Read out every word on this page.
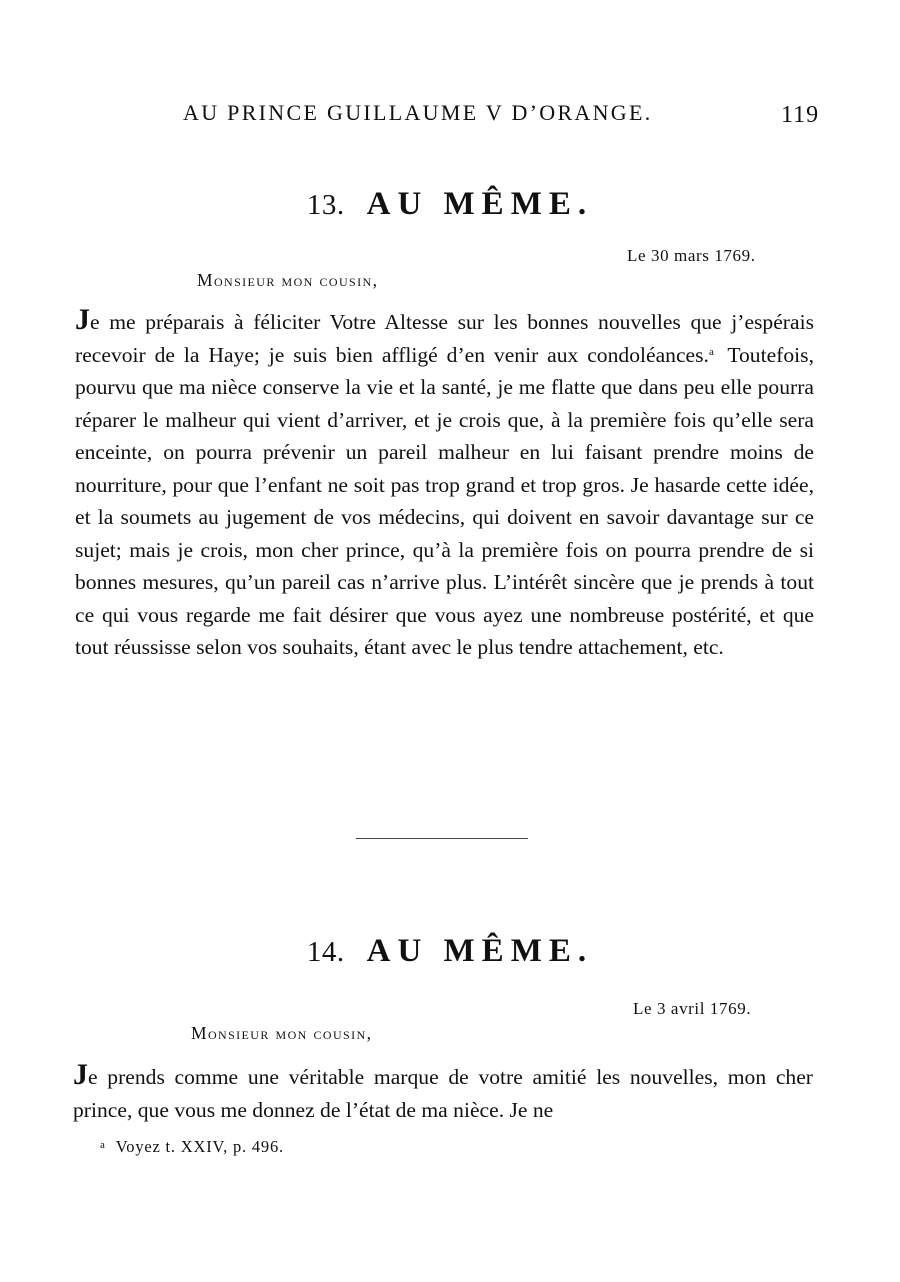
AU PRINCE GUILLAUME V D’ORANGE.	119
13. AU MÊME.
Le 30 mars 1769.
Monsieur mon cousin,

Je me préparais à féliciter Votre Altesse sur les bonnes nouvelles que j’espérais recevoir de la Haye; je suis bien affligé d’en venir aux condoléances.$^a$ Toutefois, pourvu que ma nièce conserve la vie et la santé, je me flatte que dans peu elle pourra réparer le malheur qui vient d’arriver, et je crois que, à la première fois qu’elle sera enceinte, on pourra prévenir un pareil malheur en lui faisant prendre moins de nourriture, pour que l’enfant ne soit pas trop grand et trop gros. Je hasarde cette idée, et la soumets au jugement de vos médecins, qui doivent en savoir davantage sur ce sujet; mais je crois, mon cher prince, qu’à la première fois on pourra prendre de si bonnes mesures, qu’un pareil cas n’arrive plus. L’intérêt sincère que je prends à tout ce qui vous regarde me fait désirer que vous ayez une nombreuse postérité, et que tout réussisse selon vos souhaits, étant avec le plus tendre attachement, etc.

14. AU MÊME.
Le 3 avril 1769.
Monsieur mon cousin,

Je prends comme une véritable marque de votre amitié les nouvelles, mon cher prince, que vous me donnez de l’état de ma nièce. Je ne

$^a$ Voyez t. XXIV, p. 496.
